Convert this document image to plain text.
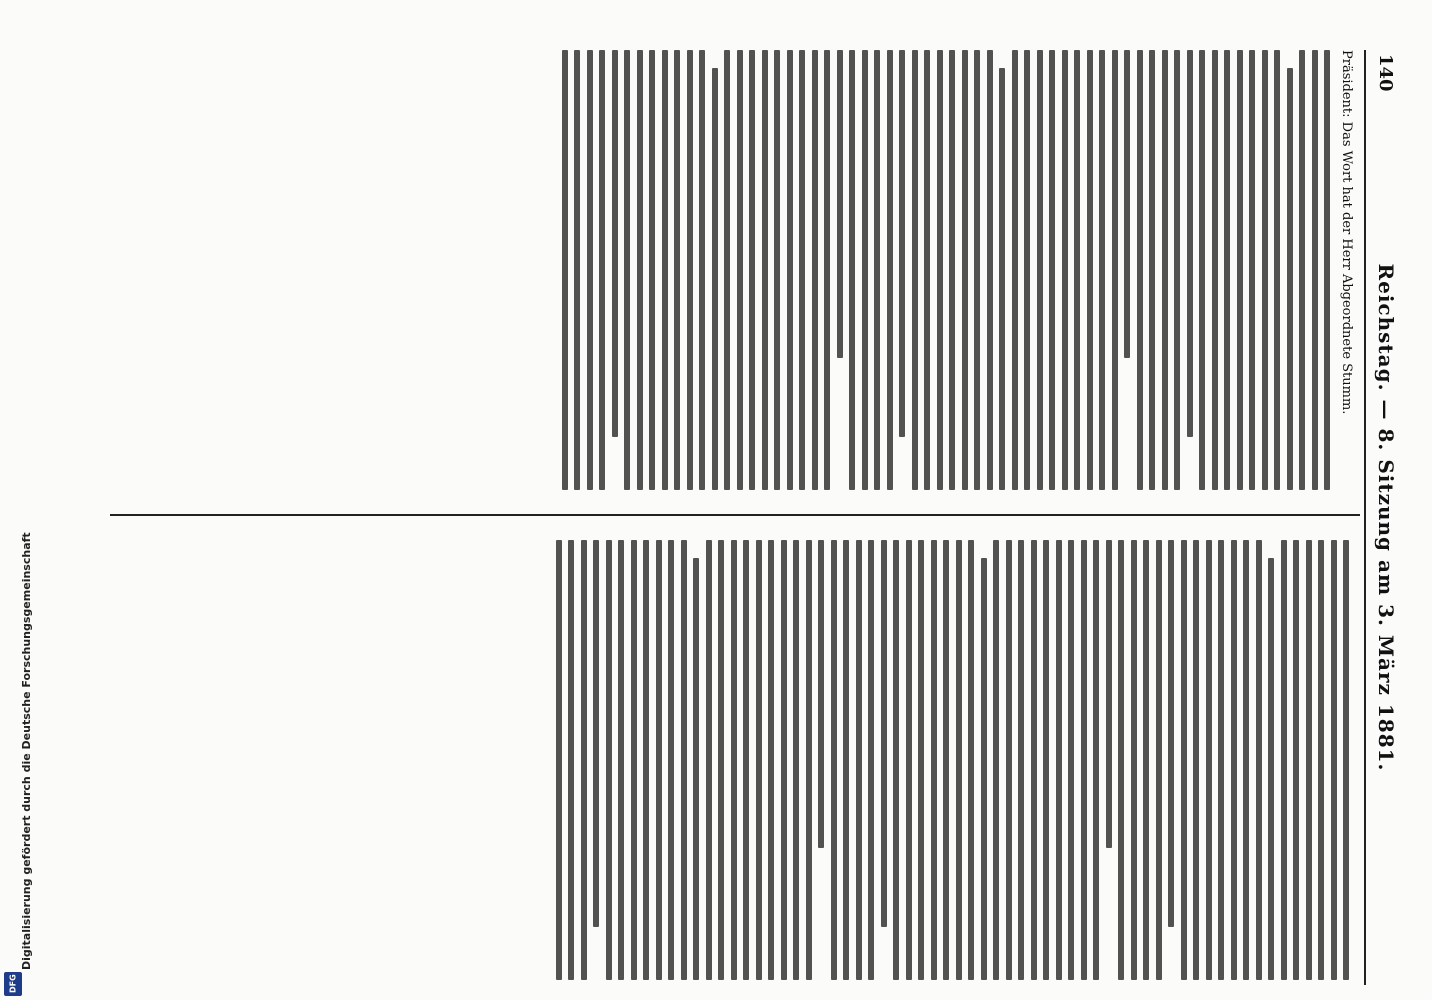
140
Reichstag. — 8. Sitzung am 3. März 1881.
Präsident: Das Wort hat der Herr Abgeordnete Stumm.
Digitalisierung gefördert durch die Deutsche Forschungsgemeinschaft
DFG
